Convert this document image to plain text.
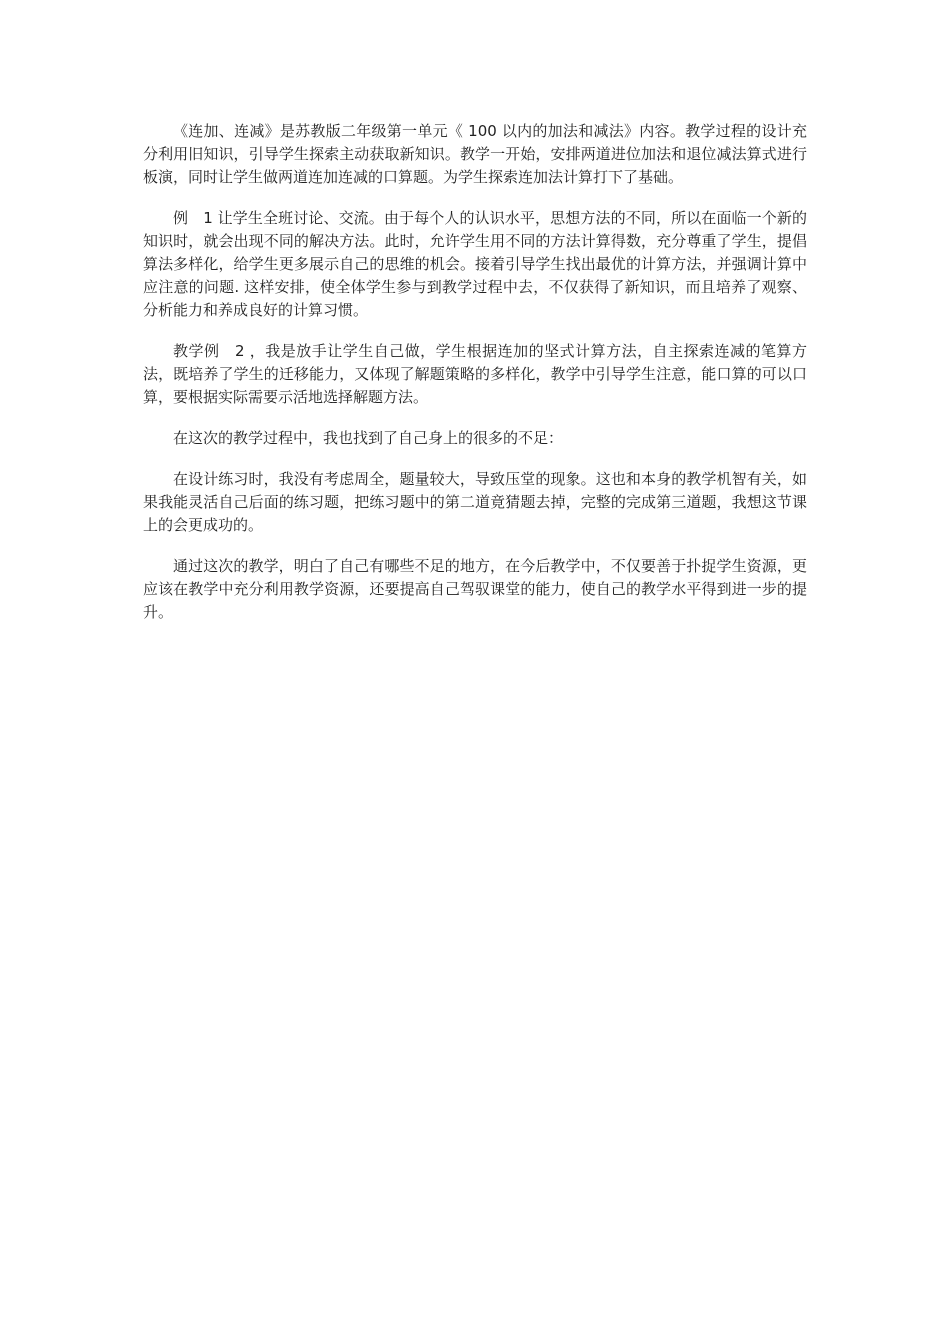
《连加、连减》是苏教版二年级第一单元《 100 以内的加法和减法》内容。教学过程的设计充分利用旧知识，引导学生探索主动获取新知识。教学一开始，安排两道进位加法和退位减法算式进行板演，同时让学生做两道连加连减的口算题。为学生探索连加法计算打下了基础。

例　1 让学生全班讨论、交流。由于每个人的认识水平，思想方法的不同，所以在面临一个新的知识时，就会出现不同的解决方法。此时，允许学生用不同的方法计算得数，充分尊重了学生，提倡算法多样化，给学生更多展示自己的思维的机会。接着引导学生找出最优的计算方法，并强调计算中应注意的问题. 这样安排，使全体学生参与到教学过程中去，不仅获得了新知识，而且培养了观察、分析能力和养成良好的计算习惯。

教学例　2 ，我是放手让学生自己做，学生根据连加的坚式计算方法，自主探索连减的笔算方法，既培养了学生的迁移能力，又体现了解题策略的多样化，教学中引导学生注意，能口算的可以口算，要根据实际需要示活地选择解题方法。

在这次的教学过程中，我也找到了自己身上的很多的不足：

在设计练习时，我没有考虑周全，题量较大，导致压堂的现象。这也和本身的教学机智有关，如果我能灵活自己后面的练习题，把练习题中的第二道竟猜题去掉，完整的完成第三道题，我想这节课上的会更成功的。

通过这次的教学，明白了自己有哪些不足的地方，在今后教学中，不仅要善于扑捉学生资源，更应该在教学中充分利用教学资源，还要提高自己驾驭课堂的能力，使自己的教学水平得到进一步的提升。
